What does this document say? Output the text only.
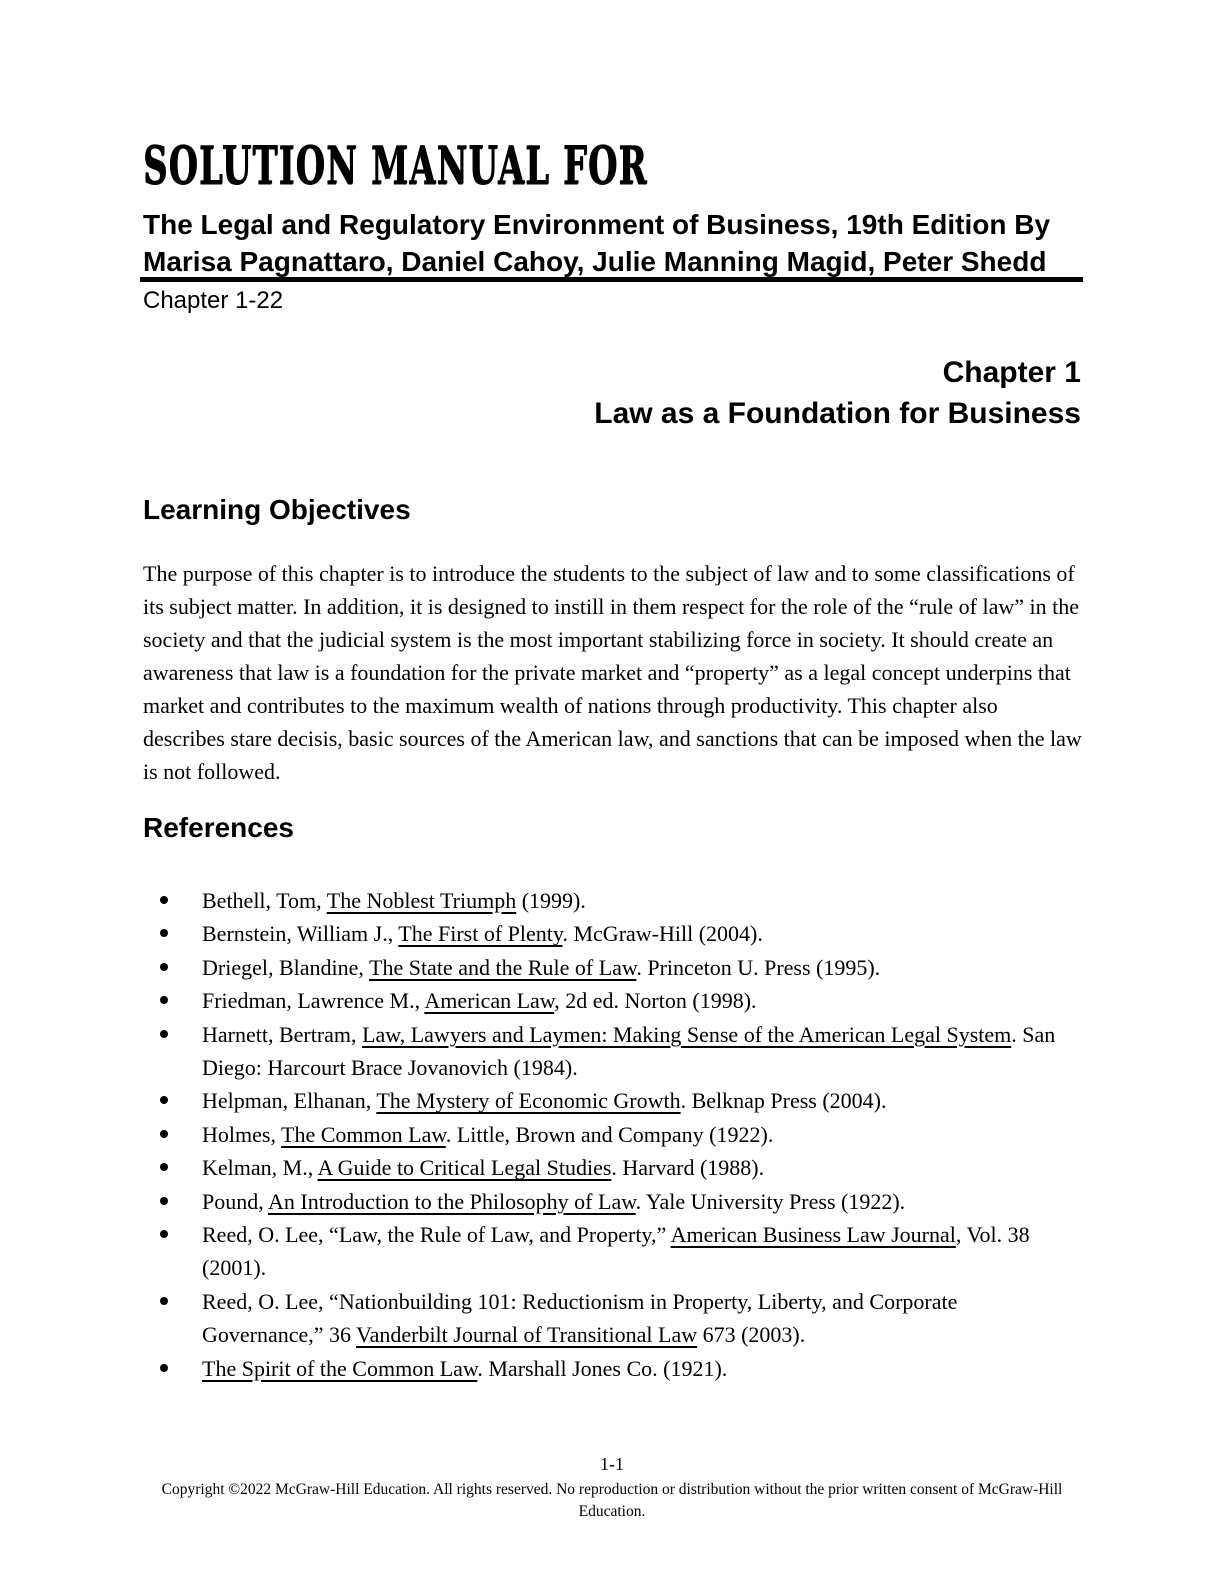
SOLUTION MANUAL FOR
The Legal and Regulatory Environment of Business, 19th Edition By Marisa Pagnattaro, Daniel Cahoy, Julie Manning Magid, Peter Shedd
Chapter 1-22
Chapter 1
Law as a Foundation for Business
Learning Objectives

The purpose of this chapter is to introduce the students to the subject of law and to some classifications of its subject matter. In addition, it is designed to instill in them respect for the role of the “rule of law” in the society and that the judicial system is the most important stabilizing force in society. It should create an awareness that law is a foundation for the private market and “property” as a legal concept underpins that market and contributes to the maximum wealth of nations through productivity. This chapter also describes stare decisis, basic sources of the American law, and sanctions that can be imposed when the law is not followed.

References
Bethell, Tom, The Noblest Triumph (1999).
Bernstein, William J., The First of Plenty. McGraw-Hill (2004).
Driegel, Blandine, The State and the Rule of Law. Princeton U. Press (1995).
Friedman, Lawrence M., American Law, 2d ed. Norton (1998).
Harnett, Bertram, Law, Lawyers and Laymen: Making Sense of the American Legal System. San Diego: Harcourt Brace Jovanovich (1984).
Helpman, Elhanan, The Mystery of Economic Growth. Belknap Press (2004).
Holmes, The Common Law. Little, Brown and Company (1922).
Kelman, M., A Guide to Critical Legal Studies. Harvard (1988).
Pound, An Introduction to the Philosophy of Law. Yale University Press (1922).
Reed, O. Lee, “Law, the Rule of Law, and Property,” American Business Law Journal, Vol. 38 (2001).
Reed, O. Lee, “Nationbuilding 101: Reductionism in Property, Liberty, and Corporate Governance,” 36 Vanderbilt Journal of Transitional Law 673 (2003).
The Spirit of the Common Law. Marshall Jones Co. (1921).
1-1
Copyright ©2022 McGraw-Hill Education. All rights reserved. No reproduction or distribution without the prior written consent of McGraw-Hill Education.
